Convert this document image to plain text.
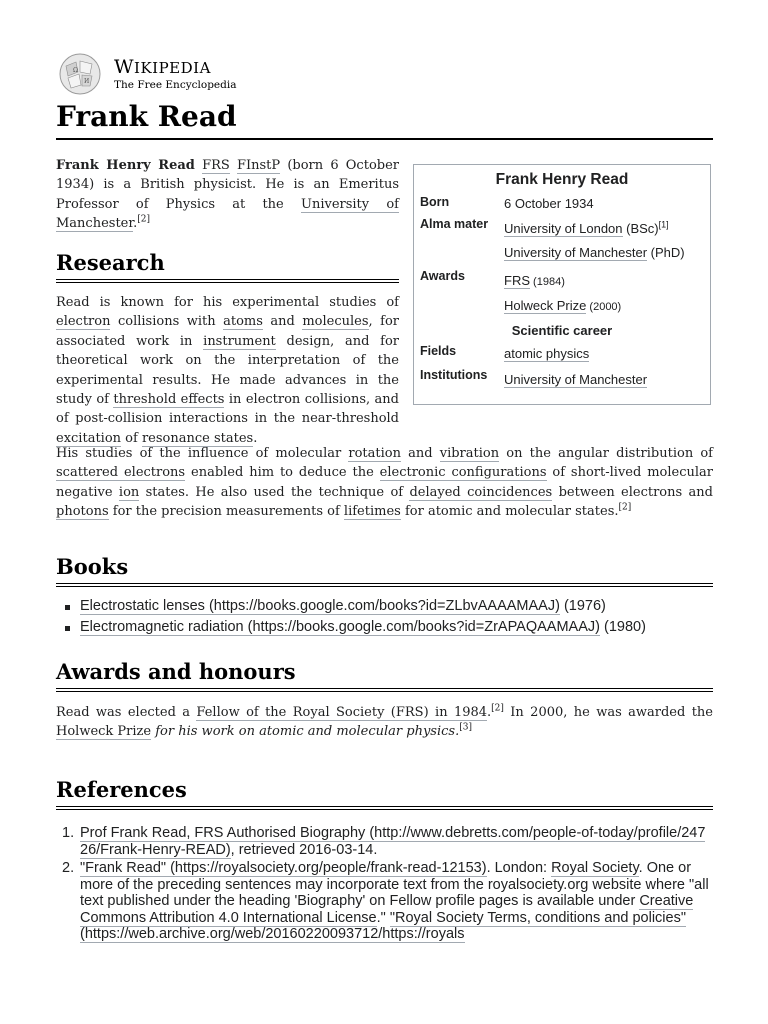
Ω
И
WIKIPEDIA
The Free Encyclopedia
Frank Read

Frank Henry Read FRS FInstP (born 6 October 1934) is a British physicist. He is an Emeritus Professor of Physics at the University of Manchester.[2]

Frank Henry Read
Born	6 October 1934
Alma mater	University of London (BSc)[1]
University of Manchester (PhD)
Awards	FRS (1984)
Holweck Prize (2000)
Scientific career
Fields	atomic physics
Institutions	University of Manchester
Research

Read is known for his experimental studies of electron collisions with atoms and molecules, for associated work in instrument design, and for theoretical work on the interpretation of the experimental results. He made advances in the study of threshold effects in electron collisions, and of post-collision interactions in the near-threshold excitation of resonance states.

His studies of the influence of molecular rotation and vibration on the angular distribution of scattered electrons enabled him to deduce the electronic configurations of short-lived molecular negative ion states. He also used the technique of delayed coincidences between electrons and photons for the precision measurements of lifetimes for atomic and molecular states.[2]

Books
Electrostatic lenses (https://books.google.com/books?id=ZLbvAAAAMAAJ) (1976)
Electromagnetic radiation (https://books.google.com/books?id=ZrAPAQAAMAAJ) (1980)
Awards and honours

Read was elected a Fellow of the Royal Society (FRS) in 1984.[2] In 2000, he was awarded the Holweck Prize for his work on atomic and molecular physics.[3]

References
1. Prof Frank Read, FRS Authorised Biography (http://www.debretts.com/people-of-today/profile/24726/Frank-Henry-READ), retrieved 2016-03-14.
2. "Frank Read" (https://royalsociety.org/people/frank-read-12153). London: Royal Society. One or more of the preceding sentences may incorporate text from the royalsociety.org website where "all text published under the heading 'Biography' on Fellow profile pages is available under Creative Commons Attribution 4.0 International License." "Royal Society Terms, conditions and policies" (https://web.archive.org/web/20160220093712/https://royals
